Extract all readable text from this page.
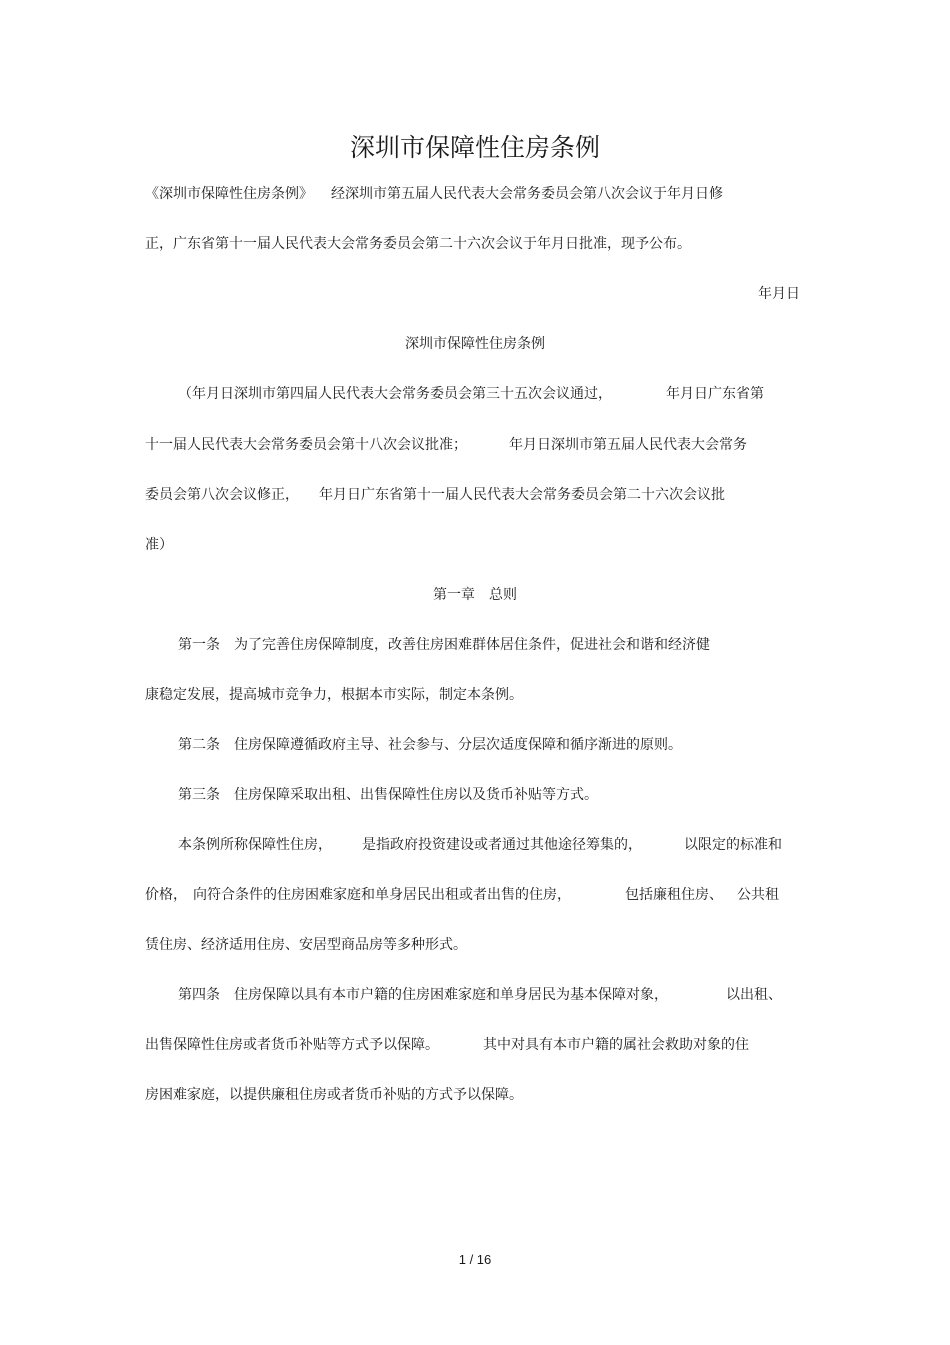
深圳市保障性住房条例
《深圳市保障性住房条例》 经深圳市第五届人民代表大会常务委员会第八次会议于年月日修
正，广东省第十一届人民代表大会常务委员会第二十六次会议于年月日批准，现予公布。
年月日
深圳市保障性住房条例
（年月日深圳市第四届人民代表大会常务委员会第三十五次会议通过，	年月日广东省第
十一届人民代表大会常务委员会第十八次会议批准；	年月日深圳市第五届人民代表大会常务
委员会第八次会议修正， 年月日广东省第十一届人民代表大会常务委员会第二十六次会议批
准）
第一章 总则
第一条 为了完善住房保障制度，改善住房困难群体居住条件，促进社会和谐和经济健
康稳定发展，提高城市竞争力，根据本市实际，制定本条例。
第二条 住房保障遵循政府主导、社会参与、分层次适度保障和循序渐进的原则。
第三条 住房保障采取出租、出售保障性住房以及货币补贴等方式。
本条例所称保障性住房， 是指政府投资建设或者通过其他途径筹集的，	以限定的标准和
价格， 向符合条件的住房困难家庭和单身居民出租或者出售的住房，	包括廉租住房、 公共租
赁住房、经济适用住房、安居型商品房等多种形式。
第四条 住房保障以具有本市户籍的住房困难家庭和单身居民为基本保障对象，	以出租、
出售保障性住房或者货币补贴等方式予以保障。	其中对具有本市户籍的属社会救助对象的住
房困难家庭，以提供廉租住房或者货币补贴的方式予以保障。
1 / 16
